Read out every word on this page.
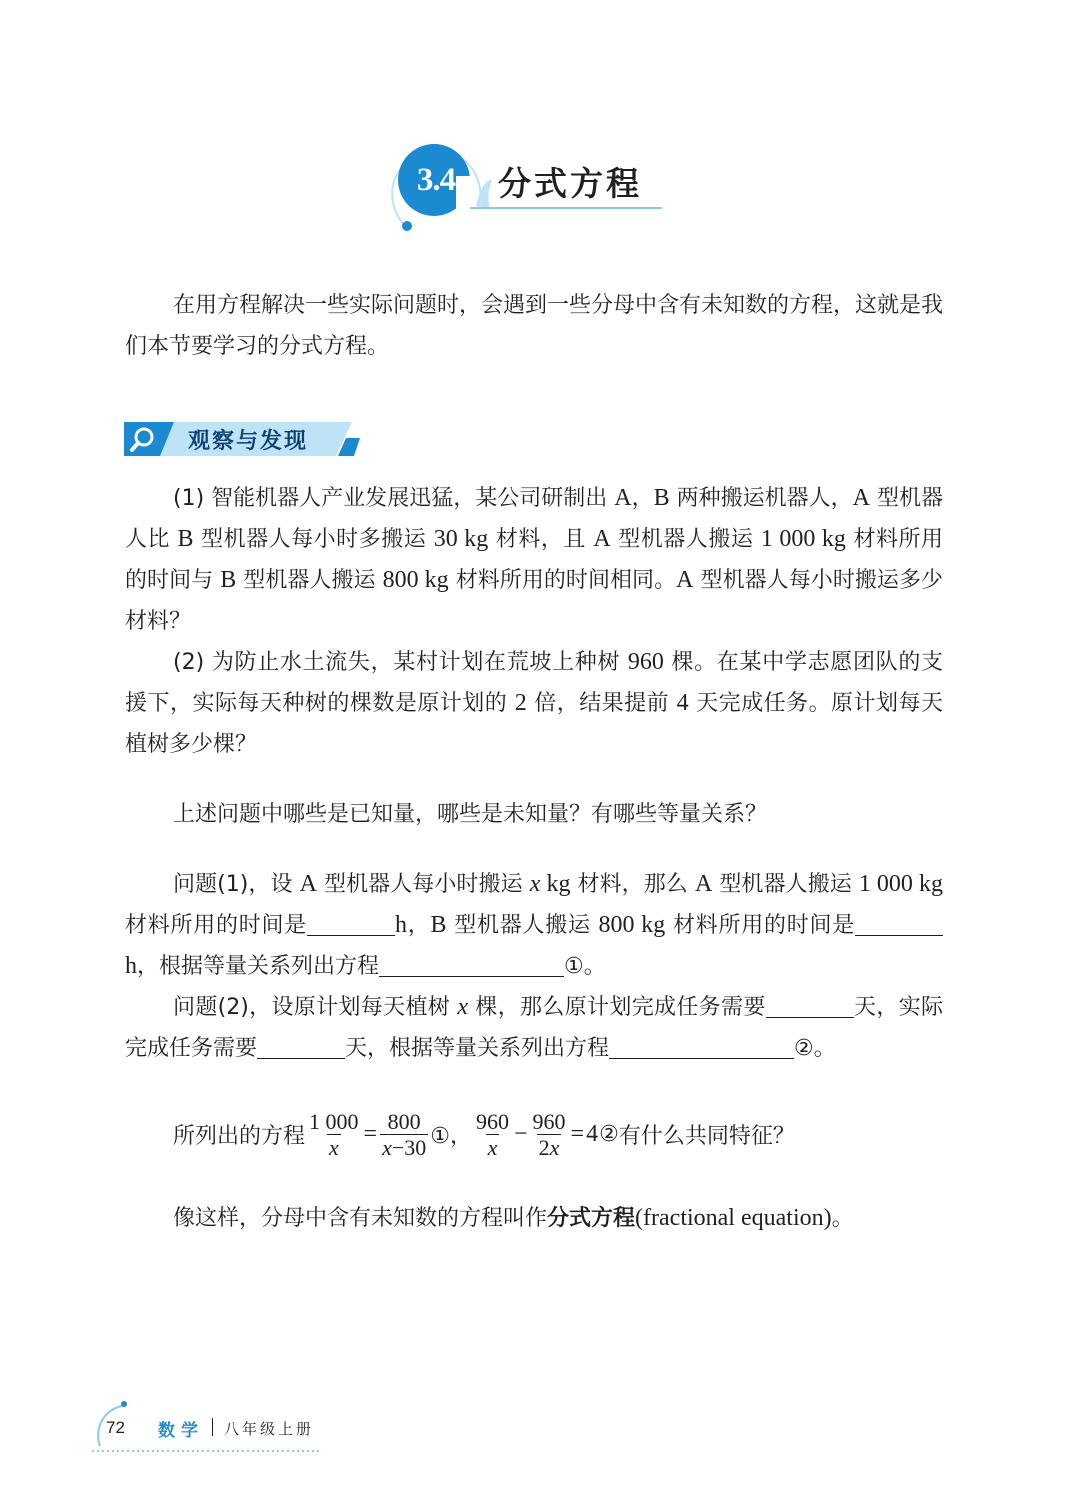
3.4	分式方程
在用方程解决一些实际问题时，会遇到一些分母中含有未知数的方程，这就是我们本节要学习的分式方程。
观察与发现
(1) 智能机器人产业发展迅猛，某公司研制出 A，B 两种搬运机器人，A 型机器人比 B 型机器人每小时多搬运 30 kg 材料，且 A 型机器人搬运 1 000 kg 材料所用的时间与 B 型机器人搬运 800 kg 材料所用的时间相同。A 型机器人每小时搬运多少材料？
(2) 为防止水土流失，某村计划在荒坡上种树 960 棵。在某中学志愿团队的支援下，实际每天种树的棵数是原计划的 2 倍，结果提前 4 天完成任务。原计划每天植树多少棵？
上述问题中哪些是已知量，哪些是未知量？有哪些等量关系？
问题(1)，设 A 型机器人每小时搬运 x kg 材料，那么 A 型机器人搬运 1 000 kg 材料所用的时间是	h，B 型机器人搬运 800 kg 材料所用的时间是h，根据等量关系列出方程	①。
问题(2)，设原计划每天植树 x 棵，那么原计划完成任务需要	天，实际完成任务需要	天，根据等量关系列出方程	②。
所列出的方程 $\frac{1 000}{x} = \frac{800}{x-30}$ ①， $\frac{960}{x} - \frac{960}{2x} = 4$ ② 有什么共同特征？
像这样，分母中含有未知数的方程叫作分式方程(fractional equation)。
72 数学 八年级上册
